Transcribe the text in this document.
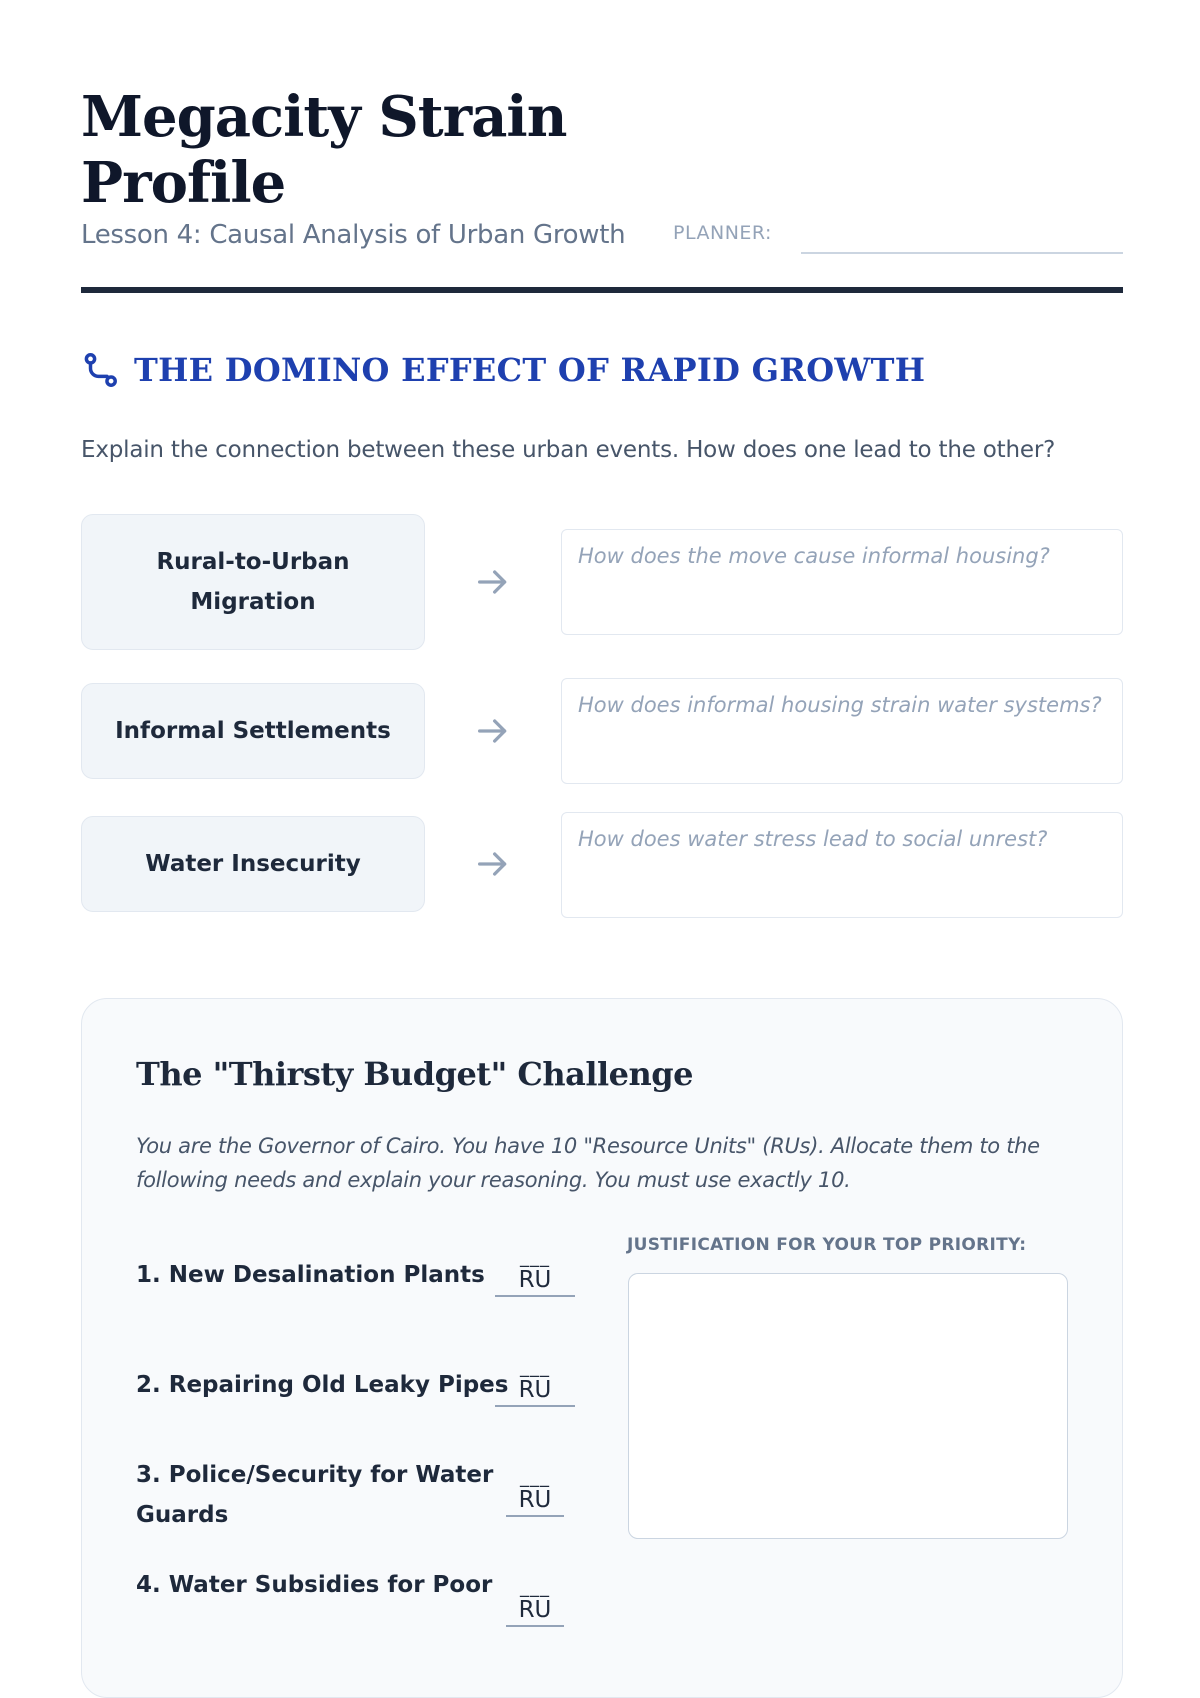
Megacity Strain Profile
Lesson 4: Causal Analysis of Urban Growth	PLANNER:
THE DOMINO EFFECT OF RAPID GROWTH
Explain the connection between these urban events. How does one lead to the other?
Rural-to-Urban Migration
How does the move cause informal housing?
Informal Settlements
How does informal housing strain water systems?
Water Insecurity
How does water stress lead to social unrest?
The "Thirsty Budget" Challenge
You are the Governor of Cairo. You have 10 "Resource Units" (RUs). Allocate them to the following needs and explain your reasoning. You must use exactly 10.
1. New Desalination Plants
___
RU
2. Repairing Old Leaky Pipes
___
RU
3. Police/Security for Water Guards
___
RU
4. Water Subsidies for Poor	___
RU
JUSTIFICATION FOR YOUR TOP PRIORITY:
